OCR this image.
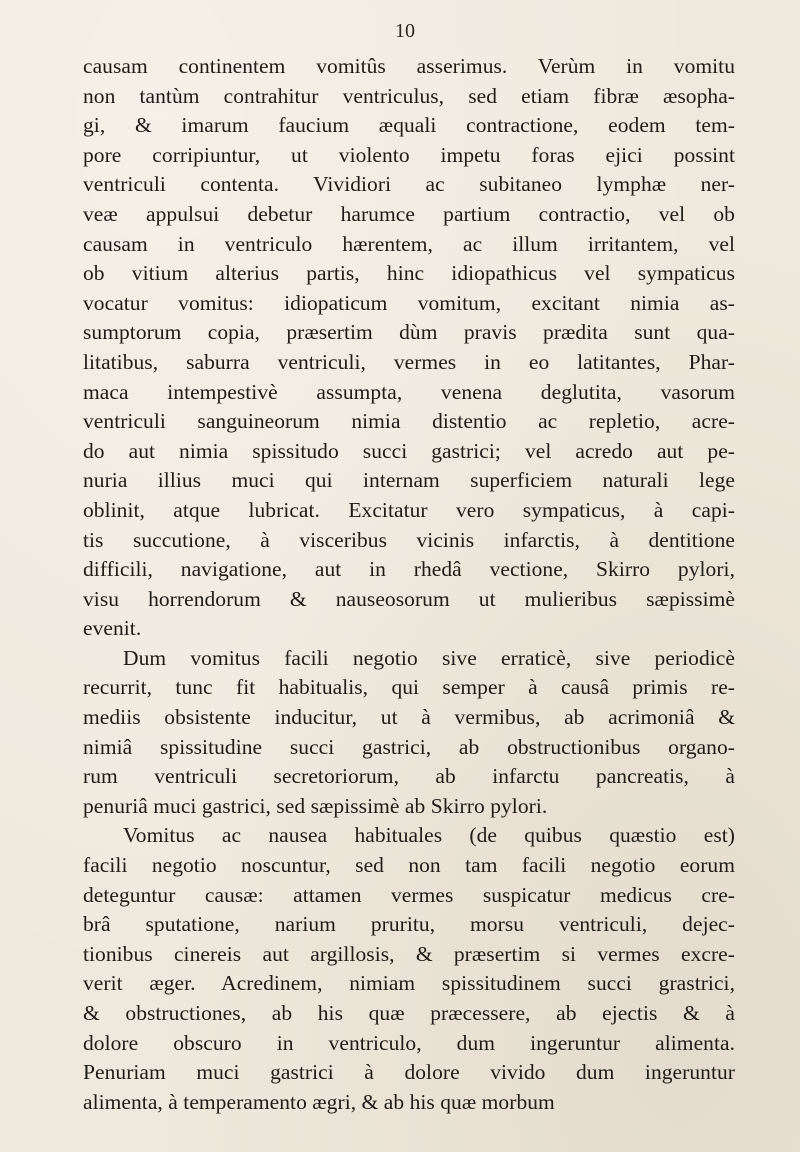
10
causam continentem vomitûs asserimus. Verùm in vomitu
non tantùm contrahitur ventriculus, sed etiam fibræ æsopha-
gi, & imarum faucium æquali contractione, eodem tem-
pore corripiuntur, ut violento impetu foras ejici possint
ventriculi contenta. Vividiori ac subitaneo lymphæ ner-
veæ appulsui debetur harumce partium contractio, vel ob
causam in ventriculo hærentem, ac illum irritantem, vel
ob vitium alterius partis, hinc idiopathicus vel sympaticus
vocatur vomitus: idiopaticum vomitum, excitant nimia as-
sumptorum copia, præsertim dùm pravis prædita sunt qua-
litatibus, saburra ventriculi, vermes in eo latitantes, Phar-
maca intempestivè assumpta, venena deglutita, vasorum
ventriculi sanguineorum nimia distentio ac repletio, acre-
do aut nimia spissitudo succi gastrici; vel acredo aut pe-
nuria illius muci qui internam superficiem naturali lege
oblinit, atque lubricat. Excitatur vero sympaticus, à capi-
tis succutione, à visceribus vicinis infarctis, à dentitione
difficili, navigatione, aut in rhedâ vectione, Skirro pylori,
visu horrendorum & nauseosorum ut mulieribus sæpissimè
evenit.
Dum vomitus facili negotio sive erraticè, sive periodicè
recurrit, tunc fit habitualis, qui semper à causâ primis re-
mediis obsistente inducitur, ut à vermibus, ab acrimoniâ &
nimiâ spissitudine succi gastrici, ab obstructionibus organo-
rum ventriculi secretoriorum, ab infarctu pancreatis, à
penuriâ muci gastrici, sed sæpissimè ab Skirro pylori.
Vomitus ac nausea habituales (de quibus quæstio est)
facili negotio noscuntur, sed non tam facili negotio eorum
deteguntur causæ: attamen vermes suspicatur medicus cre-
brâ sputatione, narium pruritu, morsu ventriculi, dejec-
tionibus cinereis aut argillosis, & præsertim si vermes excre-
verit æger. Acredinem, nimiam spissitudinem succi grastrici,
& obstructiones, ab his quæ præcessere, ab ejectis & à
dolore obscuro in ventriculo, dum ingeruntur alimenta.
Penuriam muci gastrici à dolore vivido dum ingeruntur
alimenta, à temperamento ægri, & ab his quæ morbum
